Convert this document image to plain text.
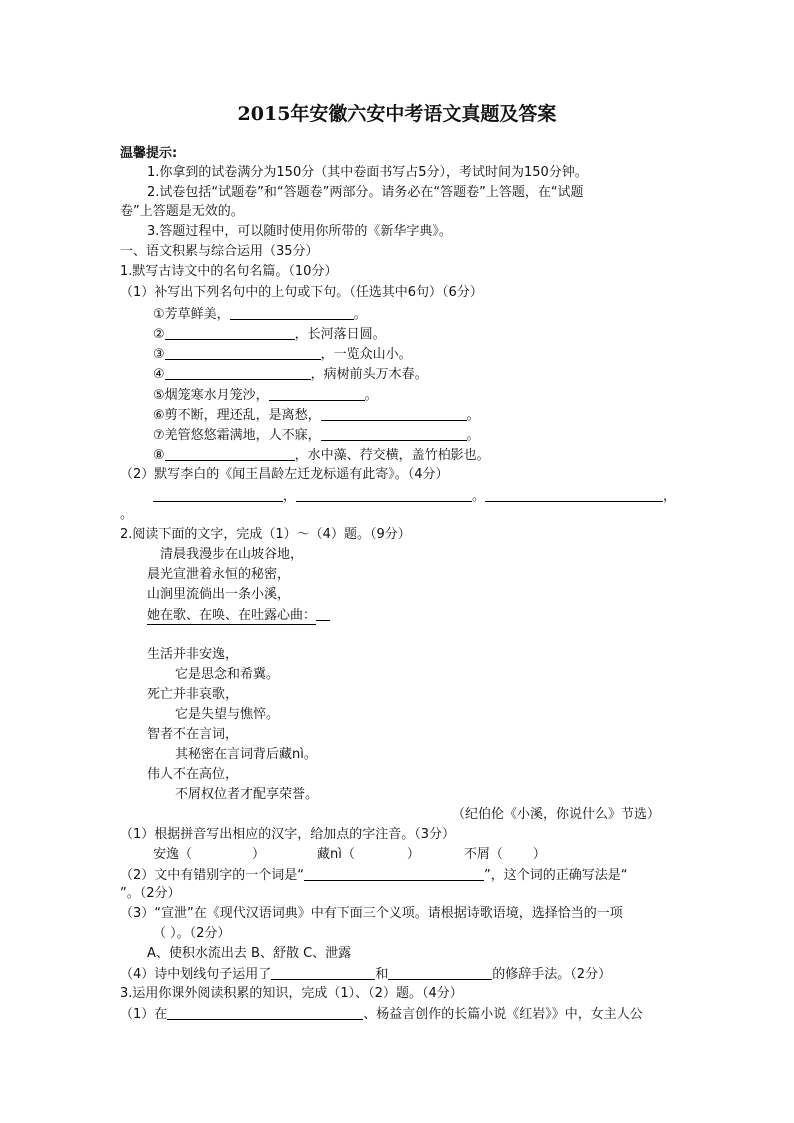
2015年安徽六安中考语文真题及答案
温馨提示:
1.你拿到的试卷满分为150分（其中卷面书写占5分），考试时间为150分钟。
2.试卷包括“试题卷”和“答题卷”两部分。请务必在“答题卷”上答题，在“试题
卷”上答题是无效的。
3.答题过程中，可以随时使用你所带的《新华字典》。
一、语文积累与综合运用（35分）
1.默写古诗文中的名句名篇。（10分）
（1）补写出下列名句中的上句或下句。（任选其中6句）（6分）
①芳草鲜美，	。
②	，长河落日圆。
③	，一览众山小。
④	，病树前头万木春。
⑤烟笼寒水月笼沙，	。
⑥剪不断，理还乱，是离愁，	。
⑦羌管悠悠霜满地，人不寐，	。
⑧	，水中藻、荇交横，盖竹柏影也。
（2）默写李白的《闻王昌龄左迁龙标遥有此寄》。（4分）
，	。	，
。
2.阅读下面的文字，完成（1）～（4）题。（9分）
清晨我漫步在山坡谷地，
晨光宣泄着永恒的秘密，
山涧里流倘出一条小溪，
她在歌、在唤、在吐露心曲：
生活并非安逸，
它是思念和希冀。
死亡并非哀歌，
它是失望与憔悴。
智者不在言词，
其秘密在言词背后藏nì。
伟人不在高位，
不屑权位者才配享荣誉。
（纪伯伦《小溪，你说什么》节选）
（1）根据拼音写出相应的汉字，给加点的字注音。（3分）
安逸（	）	藏nì（	）	不屑（ ）
（2）文中有错别字的一个词是“	”，这个词的正确写法是“
”。（2分）
（3）“宣泄”在《现代汉语词典》中有下面三个义项。请根据诗歌语境，选择恰当的一项
（ ）。（2分）
A、使积水流出去 B、舒散 C、泄露
（4）诗中划线句子运用了	和	的修辞手法。（2分）
3.运用你课外阅读积累的知识，完成（1）、（2）题。（4分）
（1）在	、杨益言创作的长篇小说《红岩》》中，女主人公
